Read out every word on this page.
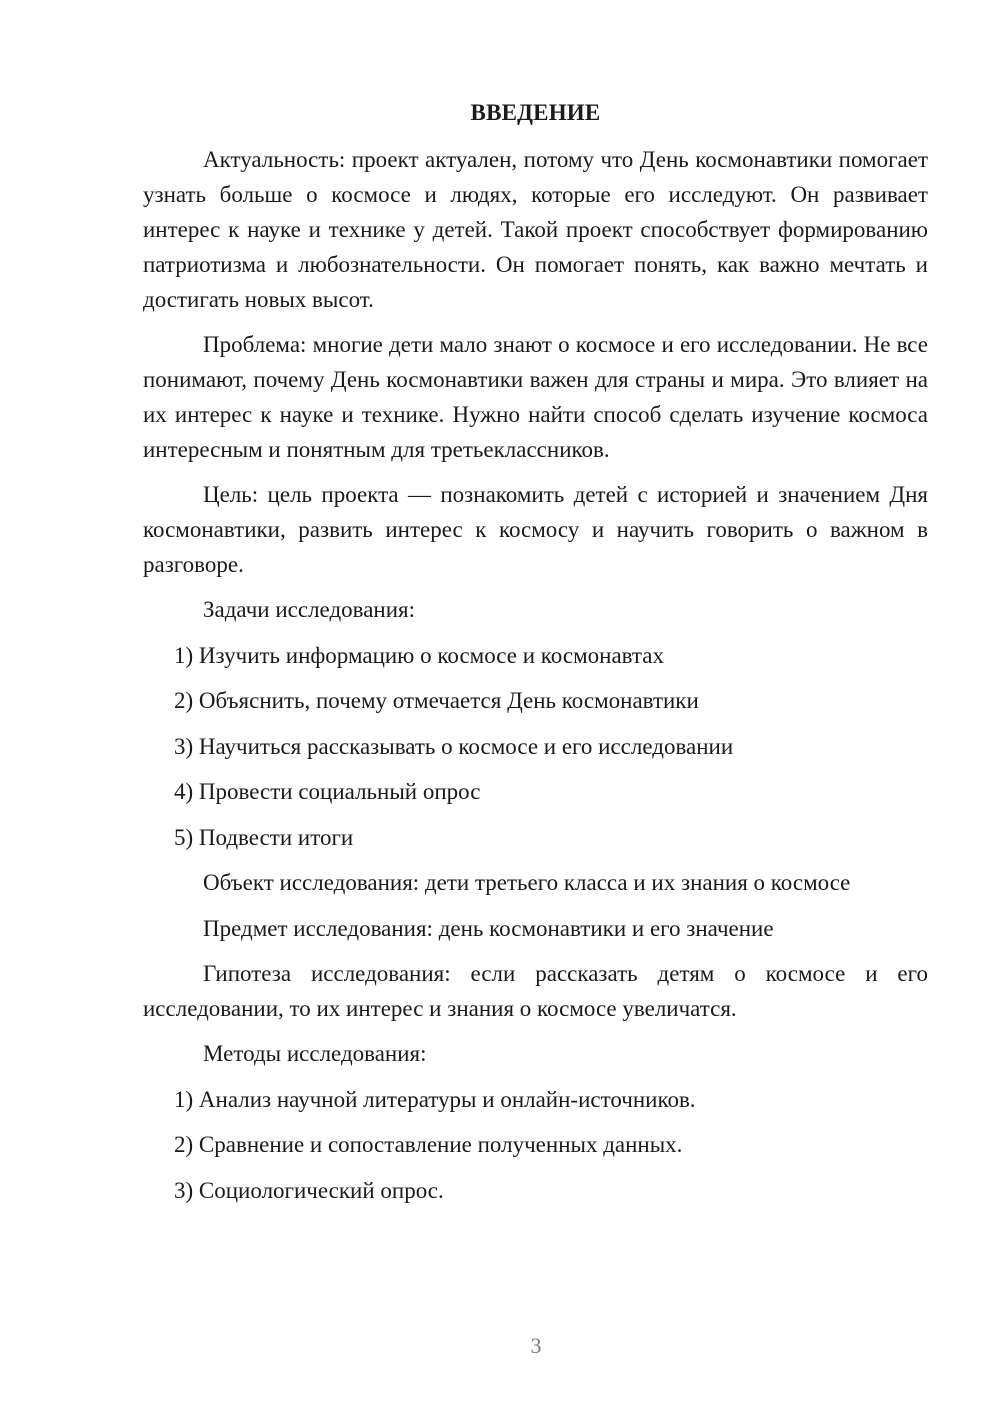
ВВЕДЕНИЕ

Актуальность: проект актуален, потому что День космонавтики помогает узнать больше о космосе и людях, которые его исследуют. Он развивает интерес к науке и технике у детей. Такой проект способствует формированию патриотизма и любознательности. Он помогает понять, как важно мечтать и достигать новых высот.

Проблема: многие дети мало знают о космосе и его исследовании. Не все понимают, почему День космонавтики важен для страны и мира. Это влияет на их интерес к науке и технике. Нужно найти способ сделать изучение космоса интересным и понятным для третьеклассников.

Цель: цель проекта — познакомить детей с историей и значением Дня космонавтики, развить интерес к космосу и научить говорить о важном в разговоре.

Задачи исследования:

1) Изучить информацию о космосе и космонавтах

2) Объяснить, почему отмечается День космонавтики

3) Научиться рассказывать о космосе и его исследовании

4) Провести социальный опрос

5) Подвести итоги

Объект исследования: дети третьего класса и их знания о космосе

Предмет исследования: день космонавтики и его значение

Гипотеза исследования: если рассказать детям о космосе и его исследовании, то их интерес и знания о космосе увеличатся.

Методы исследования:

1) Анализ научной литературы и онлайн-источников.

2) Сравнение и сопоставление полученных данных.

3) Социологический опрос.

3
